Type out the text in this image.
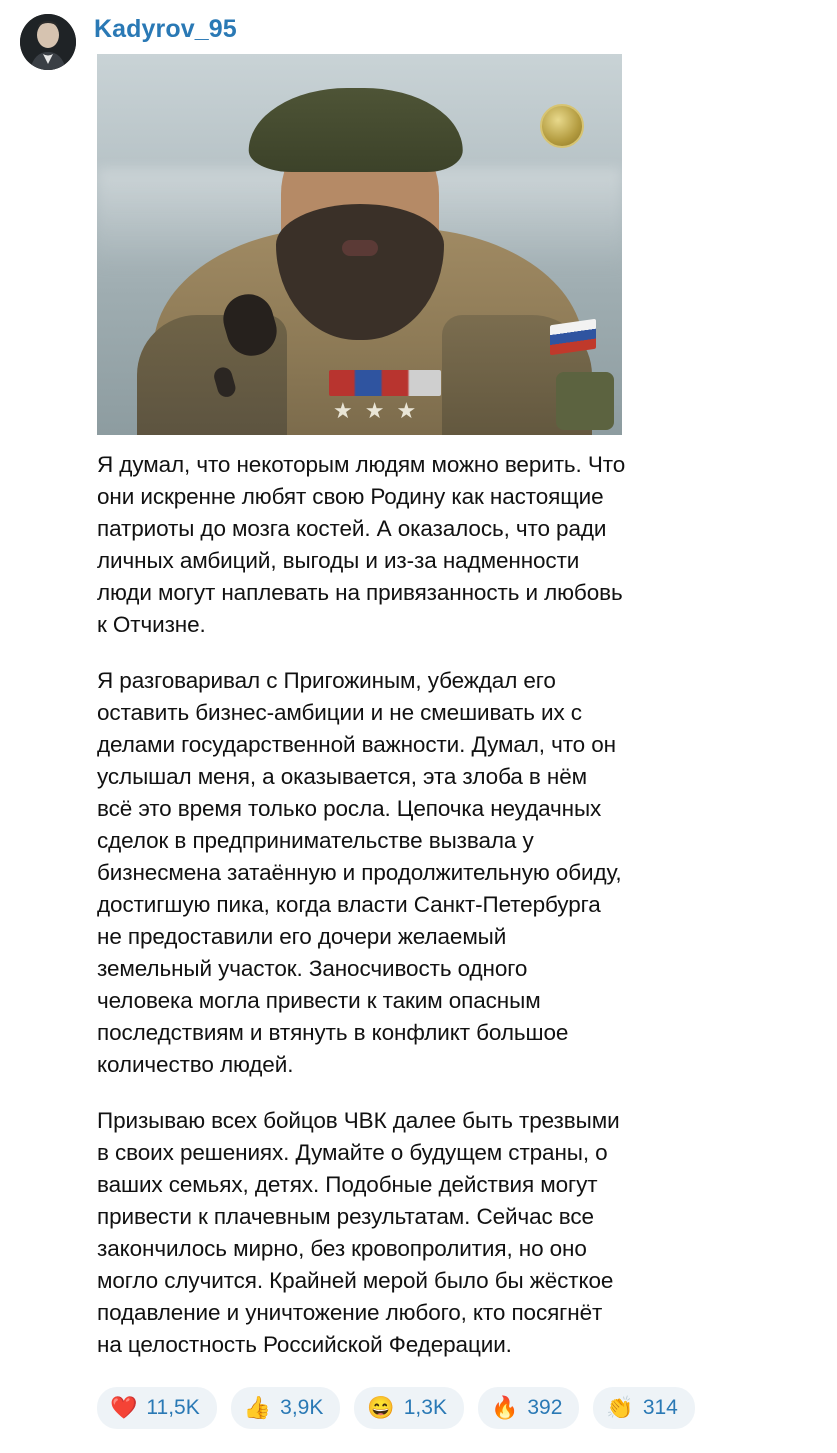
Kadyrov_95
★★★

Я думал, что некоторым людям можно верить. Что они искренне любят свою Родину как настоящие патриоты до мозга костей. А оказалось, что ради личных амбиций, выгоды и из-за надменности люди могут наплевать на привязанность и любовь к Отчизне.

Я разговаривал с Пригожиным, убеждал его оставить бизнес-амбиции и не смешивать их с делами государственной важности. Думал, что он услышал меня, а оказывается, эта злоба в нём всё это время только росла. Цепочка неудачных сделок в предпринимательстве вызвала у бизнесмена затаённую и продолжительную обиду, достигшую пика, когда власти Санкт-Петербурга не предоставили его дочери желаемый земельный участок. Заносчивость одного человека могла привести к таким опасным последствиям и втянуть в конфликт большое количество людей.

Призываю всех бойцов ЧВК далее быть трезвыми в своих решениях. Думайте о будущем страны, о ваших семьях, детях. Подобные действия могут привести к плачевным результатам. Сейчас все закончилось мирно, без кровопролития, но оно могло случится. Крайней мерой было бы жёсткое подавление и уничтожение любого, кто посягнёт на целостность Российской Федерации.

❤️ 11,5K 👍 3,9K 😄 1,3K 🔥 392 👏 314
